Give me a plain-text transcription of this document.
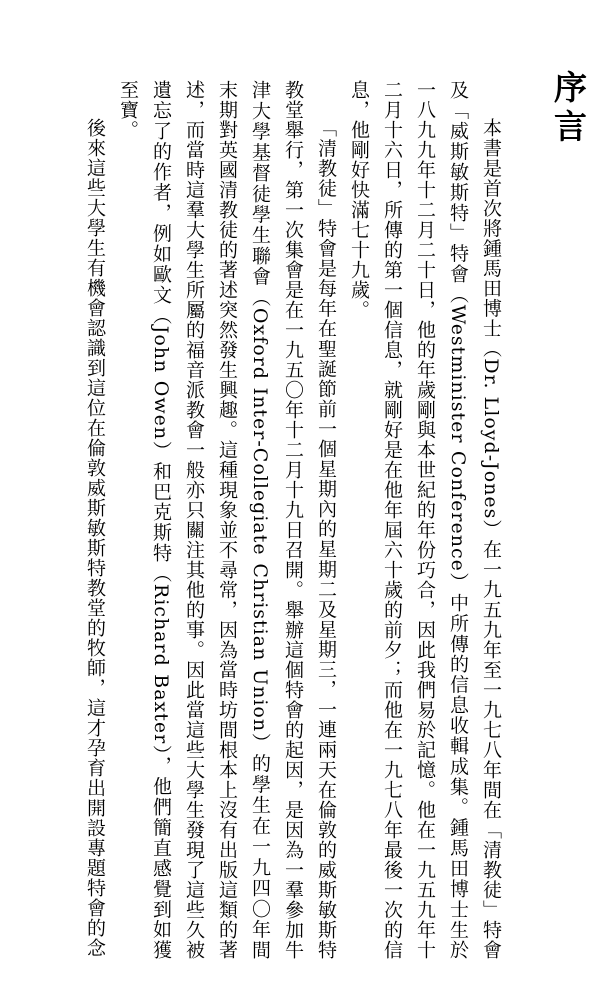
序言

本書是首次將鍾馬田博士（Dr. Lloyd-Jones）在一九五九年至一九七八年間在「清教徒」特會及「威斯敏斯特」特會（Westminister Conference）中所傳的信息收輯成集。鍾馬田博士生於一八九九年十二月二十日，他的年歲剛與本世紀的年份巧合，因此我們易於記憶。他在一九五九年十二月十六日，所傳的第一個信息，就剛好是在他年屆六十歲的前夕；而他在一九七八年最後一次的信息，他剛好快滿七十九歲。

「清教徒」特會是每年在聖誕節前一個星期內的星期二及星期三，一連兩天在倫敦的威斯敏斯特教堂舉行，第一次集會是在一九五〇年十二月十九日召開。舉辦這個特會的起因，是因為一羣參加牛津大學基督徒學生聯會（Oxford Inter-Collegiate Christian Union）的學生在一九四〇年間末期對英國清教徒的著述突然發生興趣。這種現象並不尋常，因為當時坊間根本上沒有出版這類的著述，而當時這羣大學生所屬的福音派教會一般亦只關注其他的事。因此當這些大學生發現了這些久被遺忘了的作者，例如歐文（John Owen）和巴克斯特（Richard Baxter），他們簡直感覺到如獲至寶。

後來這些大學生有機會認識到這位在倫敦威斯敏斯特教堂的牧師，這才孕育出開設專題特會的念
